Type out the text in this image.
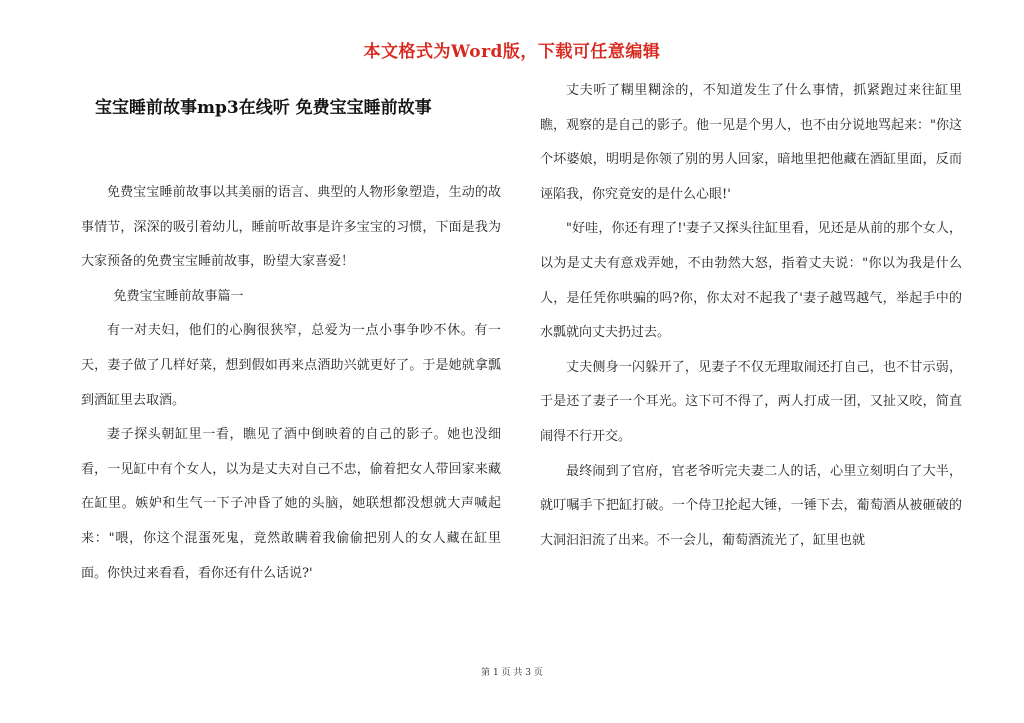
本文格式为Word版，下载可任意编辑
宝宝睡前故事mp3在线听 免费宝宝睡前故事

免费宝宝睡前故事以其美丽的语言、典型的人物形象塑造，生动的故事情节，深深的吸引着幼儿，睡前听故事是许多宝宝的习惯，下面是我为大家预备的免费宝宝睡前故事，盼望大家喜爱！

免费宝宝睡前故事篇一

有一对夫妇，他们的心胸很狭窄，总爱为一点小事争吵不休。有一天，妻子做了几样好菜，想到假如再来点酒助兴就更好了。于是她就拿瓢到酒缸里去取酒。

妻子探头朝缸里一看，瞧见了酒中倒映着的自己的影子。她也没细看，一见缸中有个女人，以为是丈夫对自己不忠，偷着把女人带回家来藏在缸里。嫉妒和生气一下子冲昏了她的头脑，她联想都没想就大声喊起来："喂，你这个混蛋死鬼，竟然敢瞒着我偷偷把别人的女人藏在缸里面。你快过来看看，看你还有什么话说?'

丈夫听了糊里糊涂的，不知道发生了什么事情，抓紧跑过来往缸里瞧，观察的是自己的影子。他一见是个男人，也不由分说地骂起来："你这个坏婆娘，明明是你领了别的男人回家，暗地里把他藏在酒缸里面，反而诬陷我，你究竟安的是什么心眼!'

"好哇，你还有理了!'妻子又探头往缸里看，见还是从前的那个女人，以为是丈夫有意戏弄她，不由勃然大怒，指着丈夫说："你以为我是什么人，是任凭你哄骗的吗?你，你太对不起我了'妻子越骂越气，举起手中的水瓢就向丈夫扔过去。

丈夫侧身一闪躲开了，见妻子不仅无理取闹还打自己，也不甘示弱，于是还了妻子一个耳光。这下可不得了，两人打成一团，又扯又咬，简直闹得不行开交。

最终闹到了官府，官老爷听完夫妻二人的话，心里立刻明白了大半，就叮嘱手下把缸打破。一个侍卫抡起大锤，一锤下去，葡萄酒从被砸破的大洞汩汩流了出来。不一会儿，葡萄酒流光了，缸里也就

第 1 页 共 3 页
